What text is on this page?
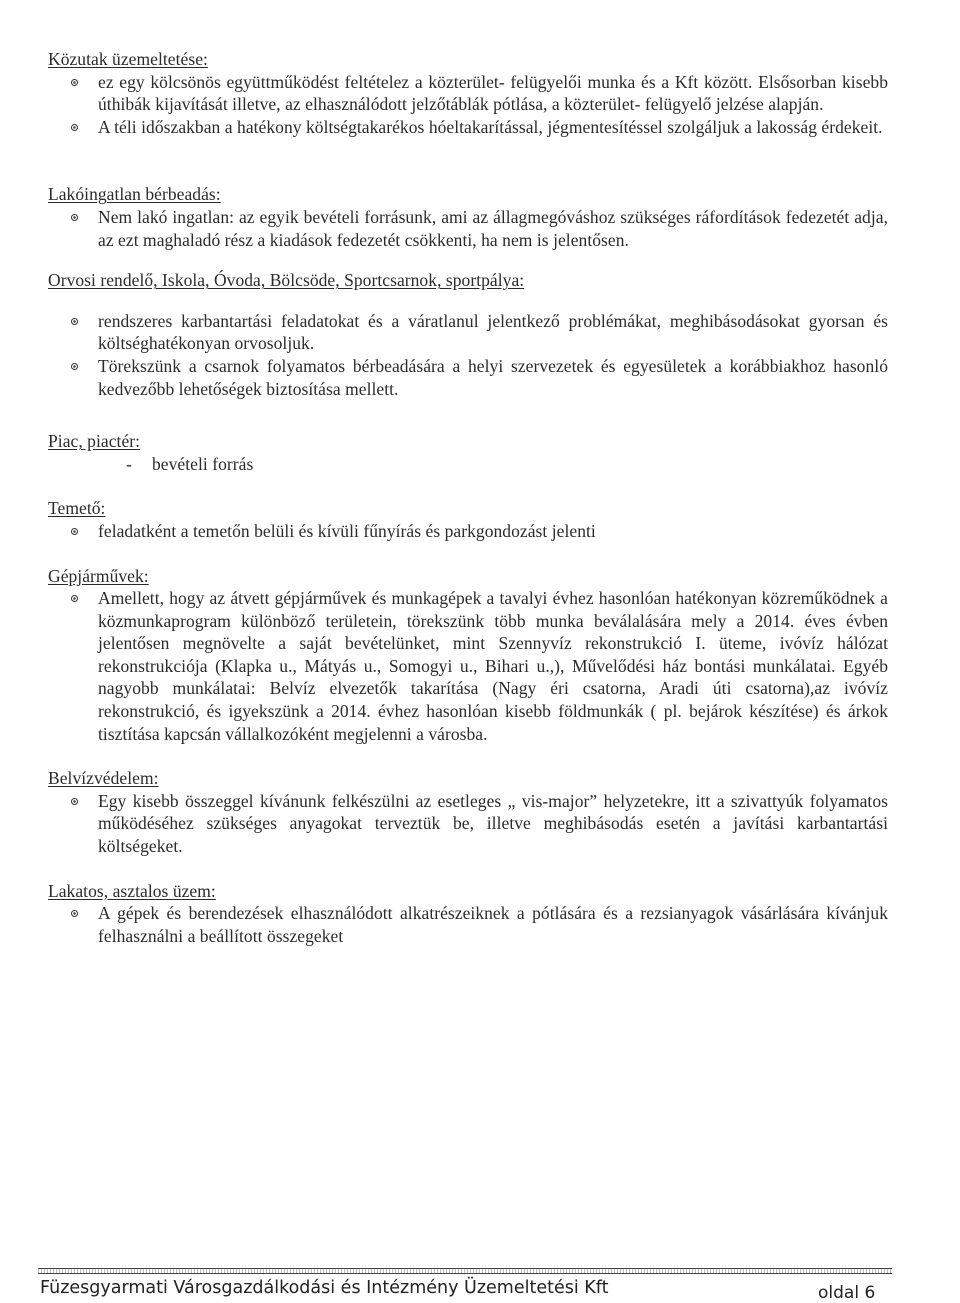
Közutak üzemeltetése:
ez egy kölcsönös együttműködést feltételez a közterület- felügyelői munka és a Kft között. Elsősorban kisebb úthibák kijavítását illetve, az elhasználódott jelzőtáblák pótlása, a közterület- felügyelő jelzése alapján.
A téli időszakban a hatékony költségtakarékos hóeltakarítással, jégmentesítéssel szolgáljuk a lakosság érdekeit.
Lakóingatlan bérbeadás:
Nem lakó ingatlan: az egyik bevételi forrásunk, ami az állagmegóváshoz szükséges ráfordítások fedezetét adja, az ezt maghaladó rész a kiadások fedezetét csökkenti, ha nem is jelentősen.
Orvosi rendelő, Iskola, Óvoda, Bölcsöde, Sportcsarnok, sportpálya:
rendszeres karbantartási feladatokat és a váratlanul jelentkező problémákat, meghibásodásokat gyorsan és költséghatékonyan orvosoljuk.
Törekszünk a csarnok folyamatos bérbeadására a helyi szervezetek és egyesületek a korábbiakhoz hasonló kedvezőbb lehetőségek biztosítása mellett.
Piac, piactér:
- bevételi forrás
Temető:
feladatként a temetőn belüli és kívüli fűnyírás és parkgondozást jelenti
Gépjárművek:
Amellett, hogy az átvett gépjárművek és munkagépek a tavalyi évhez hasonlóan hatékonyan közreműködnek a közmunkaprogram különböző területein, törekszünk több munka beválalására mely a 2014. éves évben jelentősen megnövelte a saját bevételünket, mint Szennyvíz rekonstrukció I. üteme, ivóvíz hálózat rekonstrukciója (Klapka u., Mátyás u., Somogyi u., Bihari u.,), Művelődési ház bontási munkálatai. Egyéb nagyobb munkálatai: Belvíz elvezetők takarítása (Nagy éri csatorna, Aradi úti csatorna),az ivóvíz rekonstrukció, és igyekszünk a 2014. évhez hasonlóan kisebb földmunkák ( pl. bejárok készítése) és árkok tisztítása kapcsán vállalkozóként megjelenni a városba.
Belvízvédelem:
Egy kisebb összeggel kívánunk felkészülni az esetleges „ vis-major” helyzetekre, itt a szivattyúk folyamatos működéséhez szükséges anyagokat terveztük be, illetve meghibásodás esetén a javítási karbantartási költségeket.
Lakatos, asztalos üzem:
A gépek és berendezések elhasználódott alkatrészeiknek a pótlására és a rezsianyagok vásárlására kívánjuk felhasználni a beállított összegeket
Füzesgyarmati Városgazdálkodási és Intézmény Üzemeltetési Kft	oldal 6
